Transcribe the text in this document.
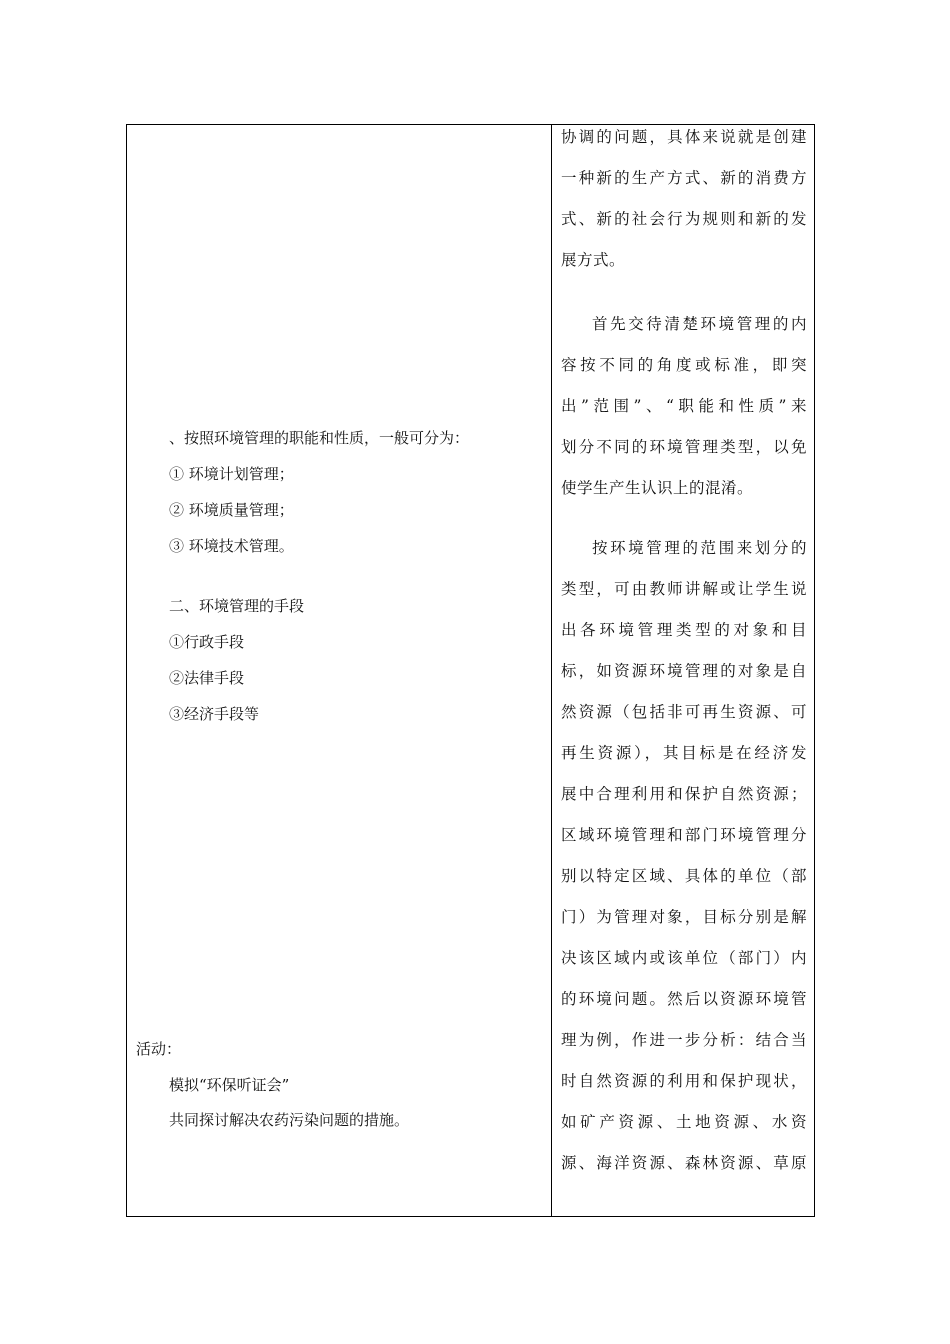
、按照环境管理的职能和性质，一般可分为：
① 环境计划管理；
② 环境质量管理；
③ 环境技术管理。
二、环境管理的手段
①行政手段
②法律手段
③经济手段等
活动：
模拟“环保听证会”
共同探讨解决农药污染问题的措施。

协调的问题，具体来说就是创建

一种新的生产方式、新的消费方

式、新的社会行为规则和新的发

展方式。

首先交待清楚环境管理的内

容按不同的角度或标准，即突

出”范围”、“职能和性质”来

划分不同的环境管理类型，以免

使学生产生认识上的混淆。

按环境管理的范围来划分的

类型，可由教师讲解或让学生说

出各环境管理类型的对象和目

标，如资源环境管理的对象是自

然资源（包括非可再生资源、可

再生资源），其目标是在经济发

展中合理利用和保护自然资源；

区域环境管理和部门环境管理分

别以特定区域、具体的单位（部

门）为管理对象，目标分别是解

决该区域内或该单位（部门）内

的环境问题。然后以资源环境管

理为例，作进一步分析：结合当

时自然资源的利用和保护现状，

如矿产资源、土地资源、水资

源、海洋资源、森林资源、草原
